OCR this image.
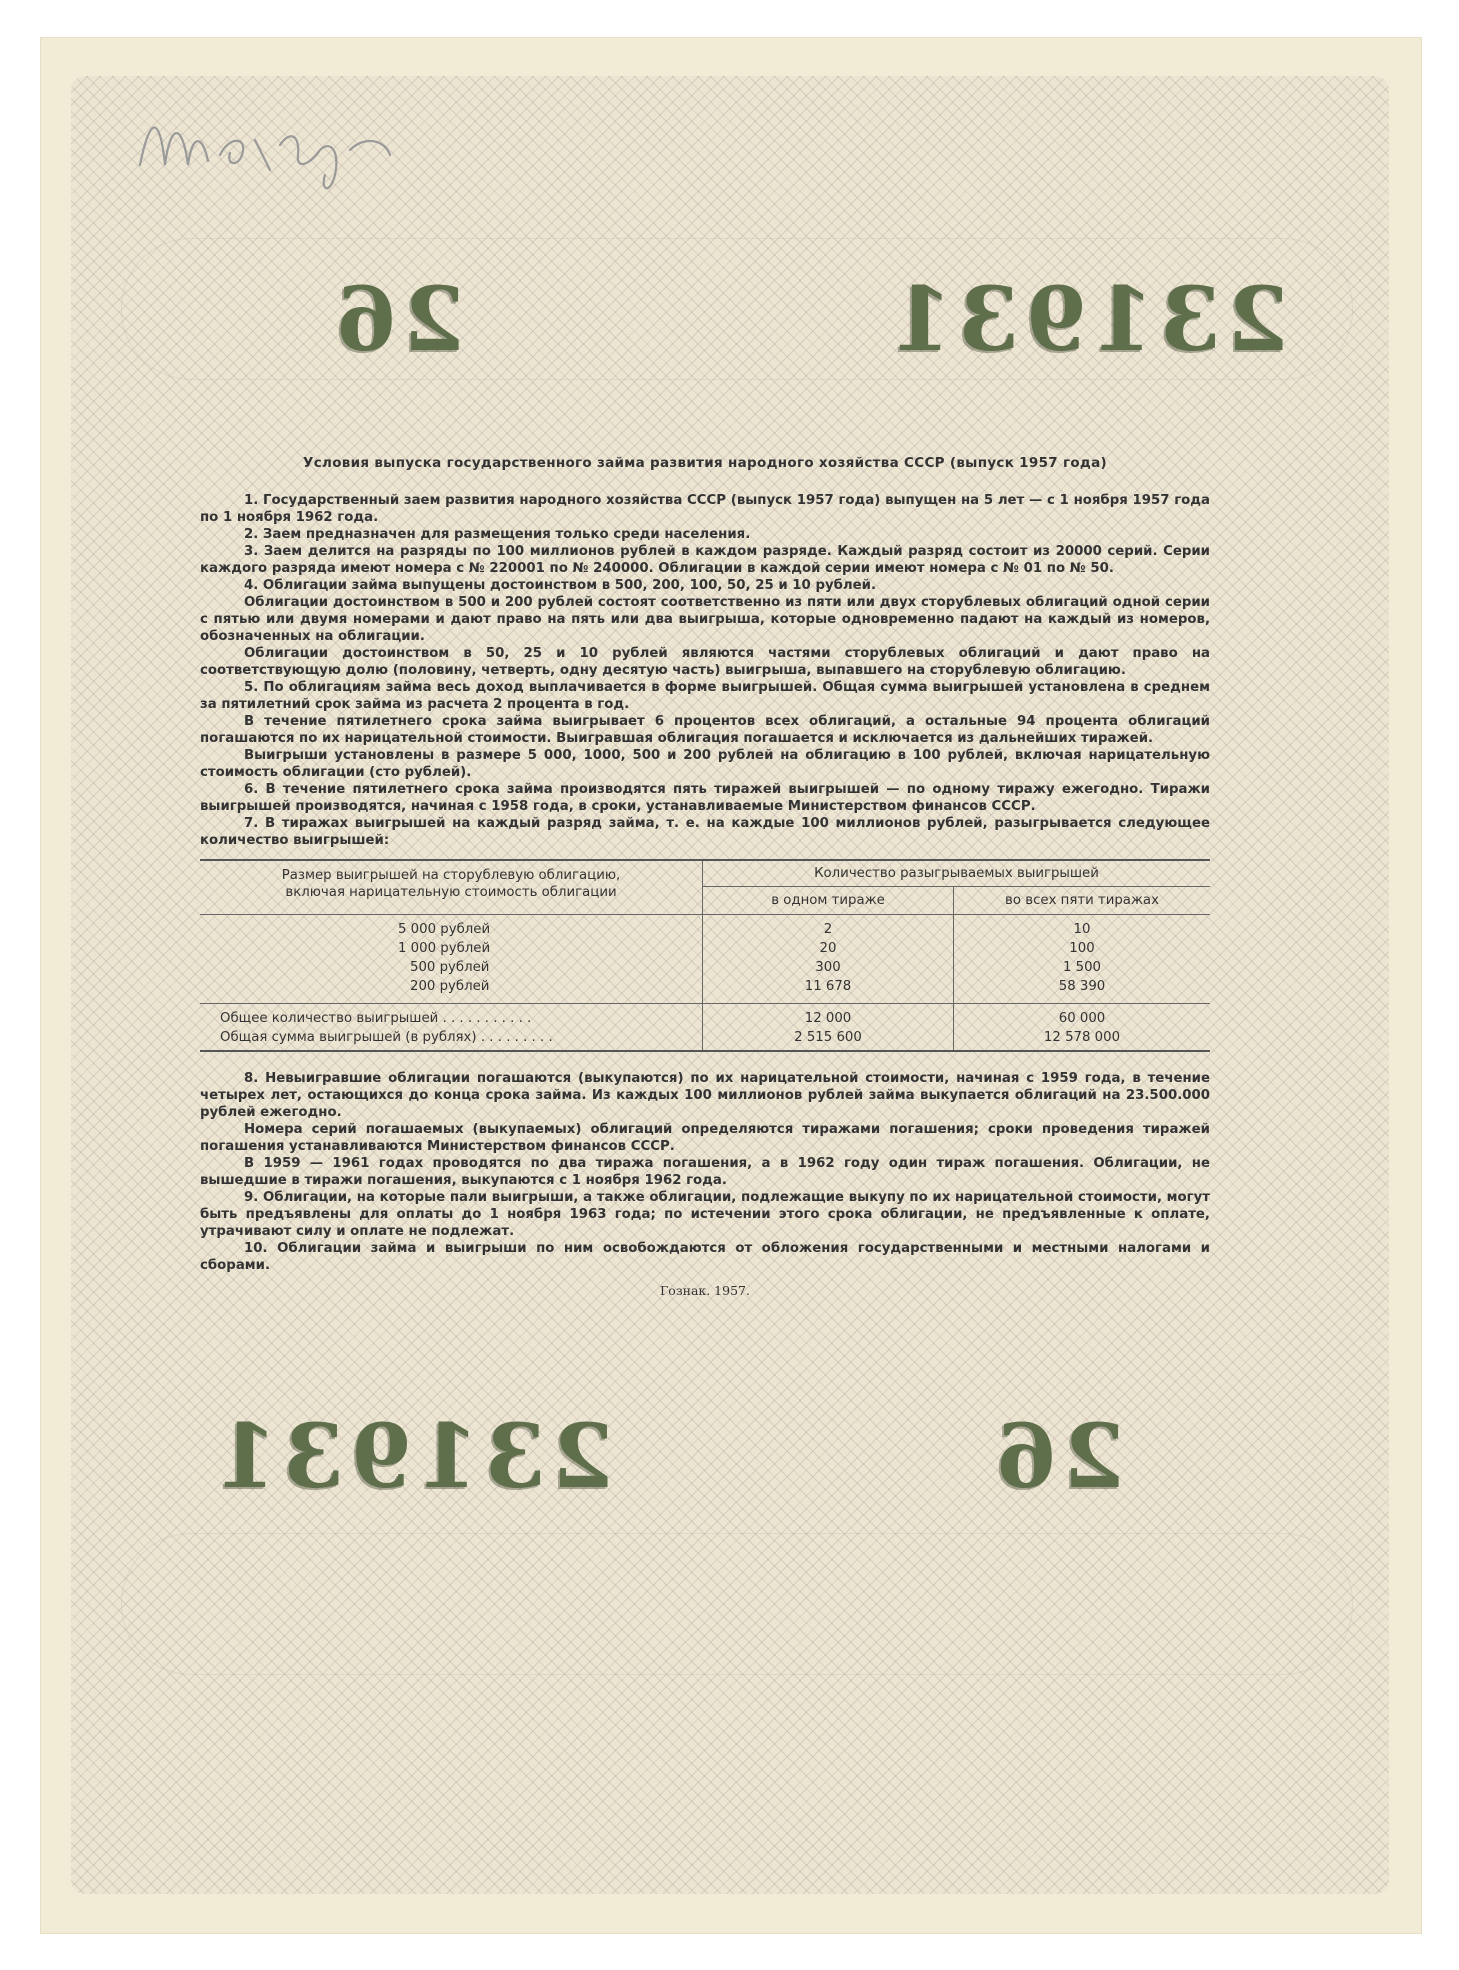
26	231931
Условия выпуска государственного займа развития народного хозяйства СССР (выпуск 1957 года)

1. Государственный заем развития народного хозяйства СССР (выпуск 1957 года) выпущен на 5 лет — с 1 ноября 1957 года по 1 ноября 1962 года.

2. Заем предназначен для размещения только среди населения.

3. Заем делится на разряды по 100 миллионов рублей в каждом разряде. Каждый разряд состоит из 20000 серий. Серии каждого разряда имеют номера с № 220001 по № 240000. Облигации в каждой серии имеют номера с № 01 по № 50.

4. Облигации займа выпущены достоинством в 500, 200, 100, 50, 25 и 10 рублей.

Облигации достоинством в 500 и 200 рублей состоят соответственно из пяти или двух сторублевых облигаций одной серии с пятью или двумя номерами и дают право на пять или два выигрыша, которые одновременно падают на каждый из номеров, обозначенных на облигации.

Облигации достоинством в 50, 25 и 10 рублей являются частями сторублевых облигаций и дают право на соответствующую долю (половину, четверть, одну десятую часть) выигрыша, выпавшего на сторублевую облигацию.

5. По облигациям займа весь доход выплачивается в форме выигрышей. Общая сумма выигрышей установлена в среднем за пятилетний срок займа из расчета 2 процента в год.

В течение пятилетнего срока займа выигрывает 6 процентов всех облигаций, а остальные 94 процента облигаций погашаются по их нарицательной стоимости. Выигравшая облигация погашается и исключается из дальнейших тиражей.

Выигрыши установлены в размере 5 000, 1000, 500 и 200 рублей на облигацию в 100 рублей, включая нарицательную стоимость облигации (сто рублей).

6. В течение пятилетнего срока займа производятся пять тиражей выигрышей — по одному тиражу ежегодно. Тиражи выигрышей производятся, начиная с 1958 года, в сроки, устанавливаемые Министерством финансов СССР.

7. В тиражах выигрышей на каждый разряд займа, т. е. на каждые 100 миллионов рублей, разыгрывается следующее количество выигрышей:

Размер выигрышей на сторублевую облигацию,
включая нарицательную стоимость облигации	Количество разыгрываемых выигрышей	
	в одном тираже	во всех пяти тиражах
5 000 рублей	2	10
1 000 рублей	20	100
500 рублей	300	1 500
200 рублей	11 678	58 390
Общее количество выигрышей . . . . . . . . . . .	12 000	60 000
Общая сумма выигрышей (в рублях) . . . . . . . . .	2 515 600	12 578 000

8. Невыигравшие облигации погашаются (выкупаются) по их нарицательной стоимости, начиная с 1959 года, в течение четырех лет, остающихся до конца срока займа. Из каждых 100 миллионов рублей займа выкупается облигаций на 23.500.000 рублей ежегодно.

Номера серий погашаемых (выкупаемых) облигаций определяются тиражами погашения; сроки проведения тиражей погашения устанавливаются Министерством финансов СССР.

В 1959 — 1961 годах проводятся по два тиража погашения, а в 1962 году один тираж погашения. Облигации, не вышедшие в тиражи погашения, выкупаются с 1 ноября 1962 года.

9. Облигации, на которые пали выигрыши, а также облигации, подлежащие выкупу по их нарицательной стоимости, могут быть предъявлены для оплаты до 1 ноября 1963 года; по истечении этого срока облигации, не предъявленные к оплате, утрачивают силу и оплате не подлежат.

10. Облигации займа и выигрыши по ним освобождаются от обложения государственными и местными налогами и сборами.

Гознак. 1957.
231931	26
